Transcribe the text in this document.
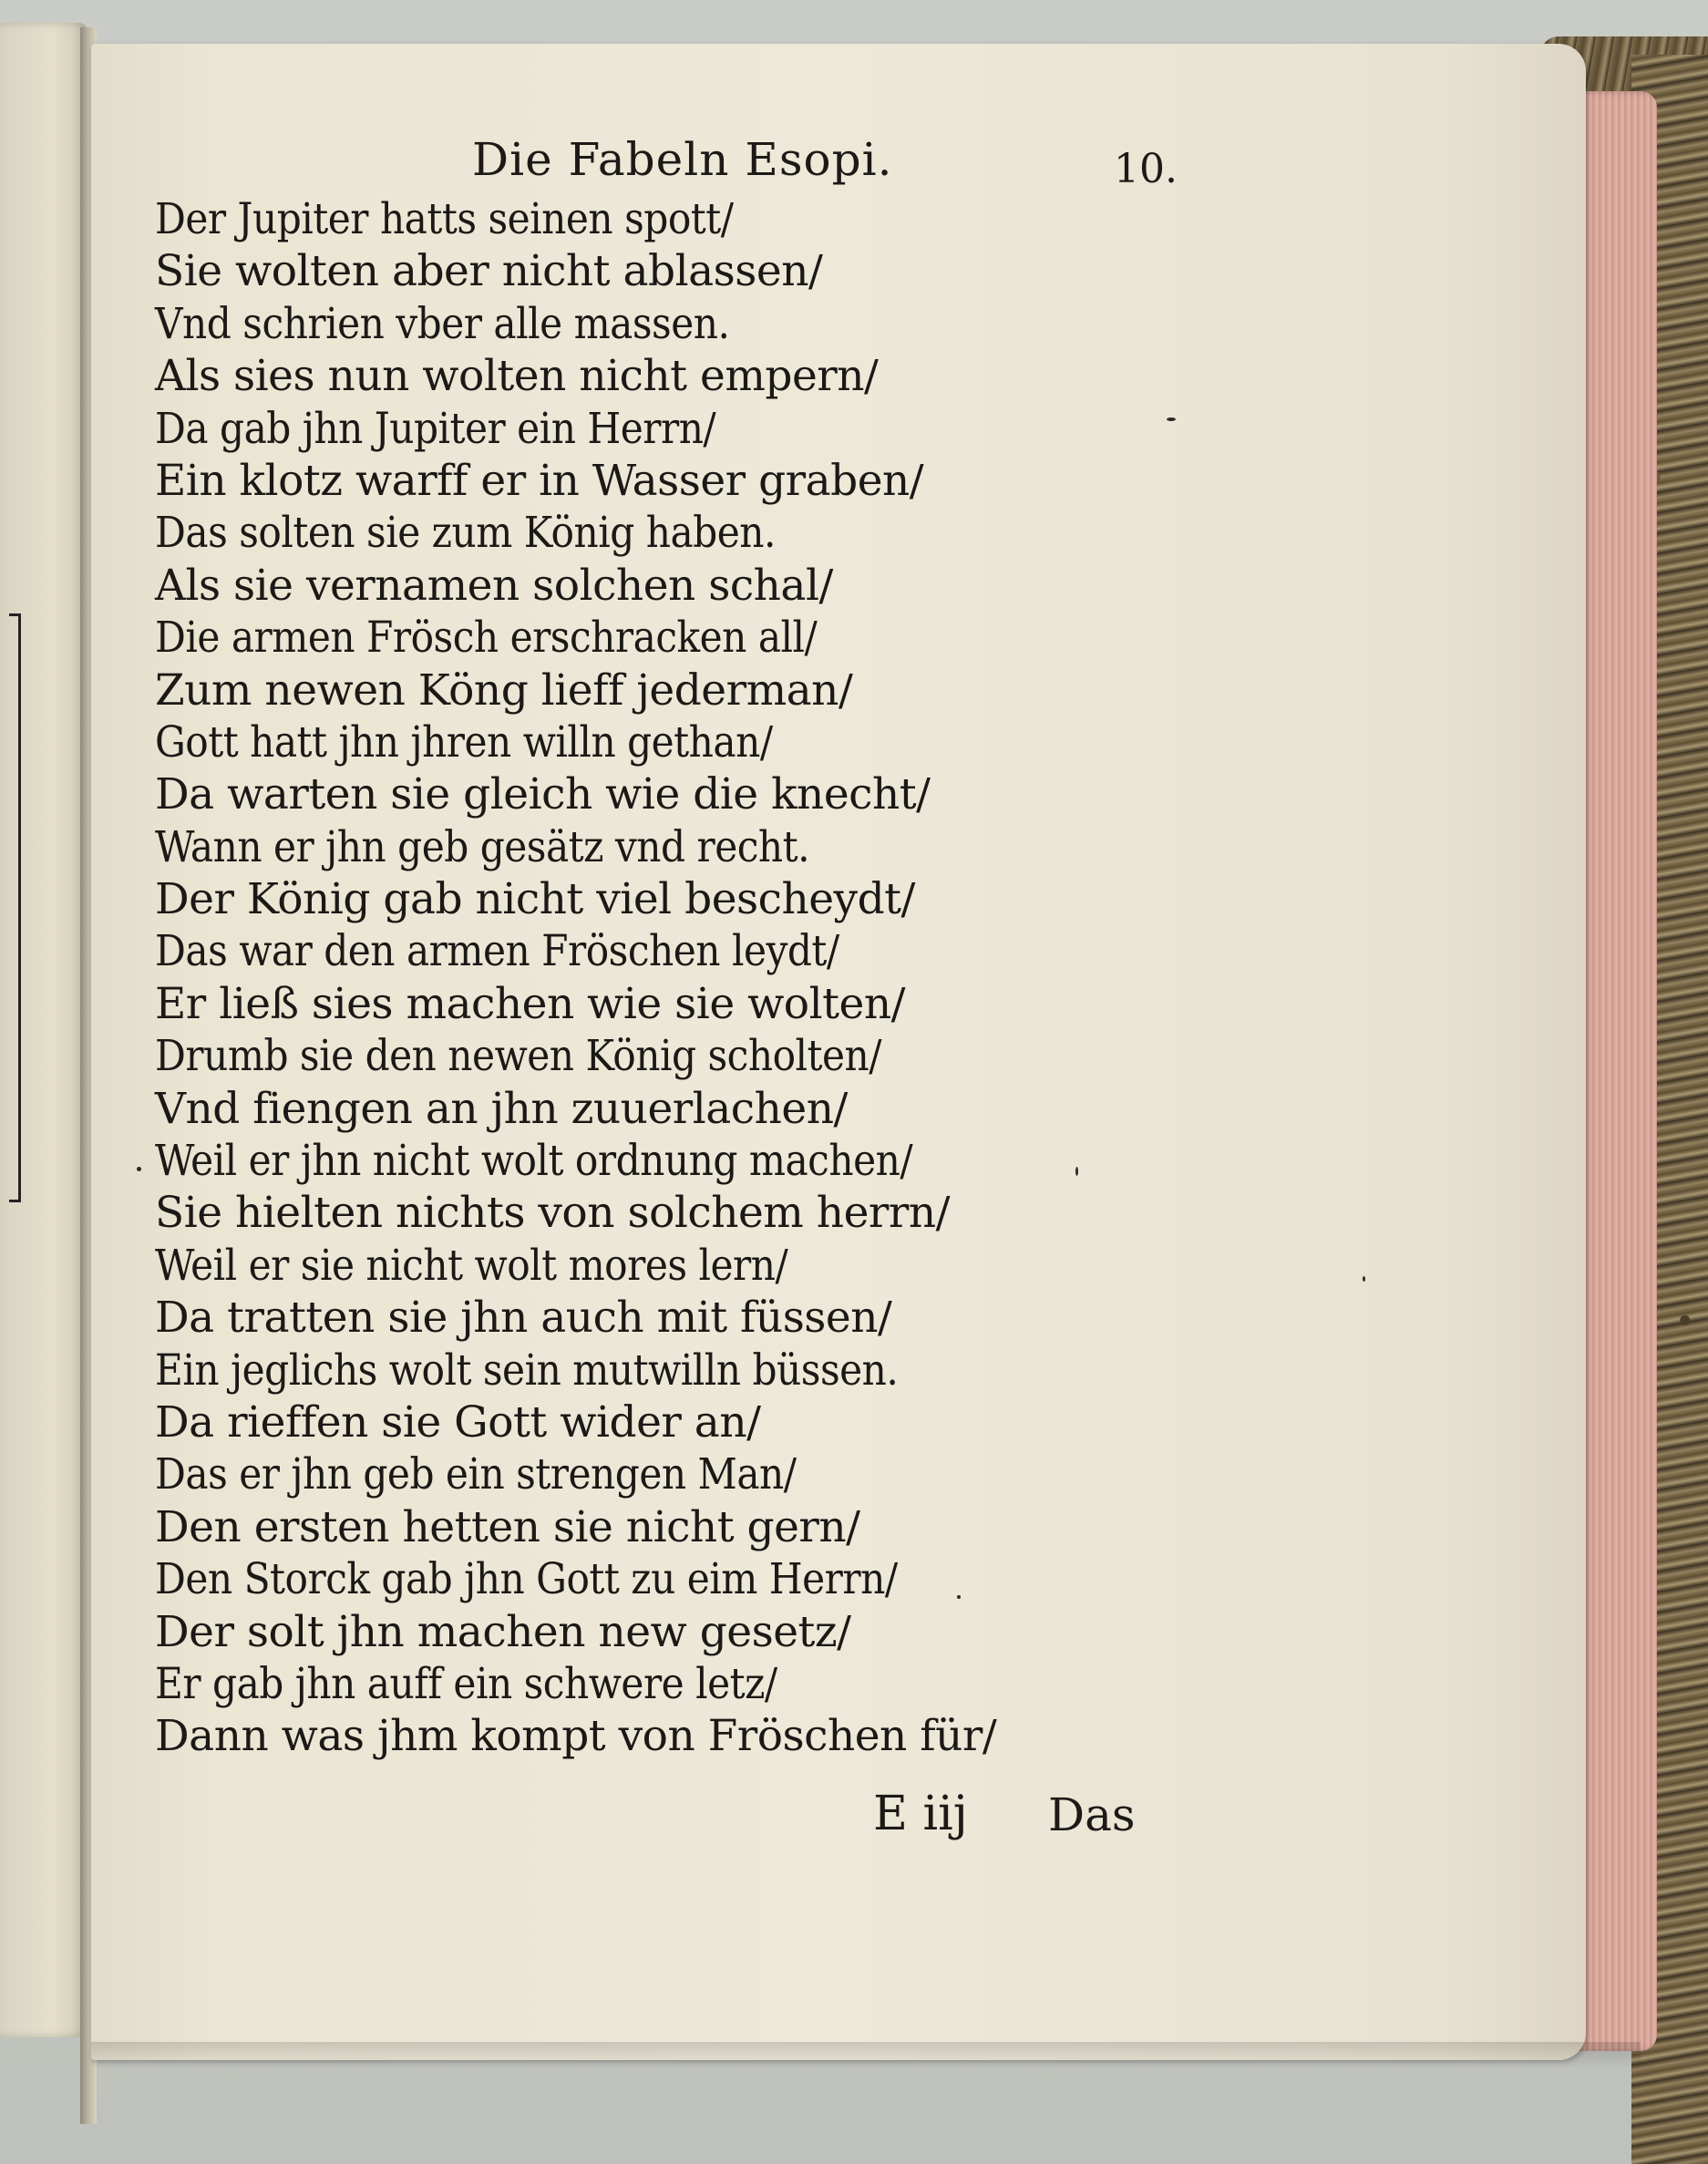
Die Fabeln Esopi.	10.
Der Jupiter hatts seinen spott/
Sie wolten aber nicht ablassen/
Vnd schrien vber alle massen.
Als sies nun wolten nicht empern/
Da gab jhn Jupiter ein Herrn/
Ein klotz warff er in Wasser graben/
Das solten sie zum König haben.
Als sie vernamen solchen schal/
Die armen Frösch erschracken all/
Zum newen Köng lieff jederman/
Gott hatt jhn jhren willn gethan/
Da warten sie gleich wie die knecht/
Wann er jhn geb gesätz vnd recht.
Der König gab nicht viel bescheydt/
Das war den armen Fröschen leydt/
Er ließ sies machen wie sie wolten/
Drumb sie den newen König scholten/
Vnd fiengen an jhn zuuerlachen/
Weil er jhn nicht wolt ordnung machen/
Sie hielten nichts von solchem herrn/
Weil er sie nicht wolt mores lern/
Da tratten sie jhn auch mit füssen/
Ein jeglichs wolt sein mutwilln büssen.
Da rieffen sie Gott wider an/
Das er jhn geb ein strengen Man/
Den ersten hetten sie nicht gern/
Den Storck gab jhn Gott zu eim Herrn/
Der solt jhn machen new gesetz/
Er gab jhn auff ein schwere letz/
Dann was jhm kompt von Fröschen für/
E iij Das
